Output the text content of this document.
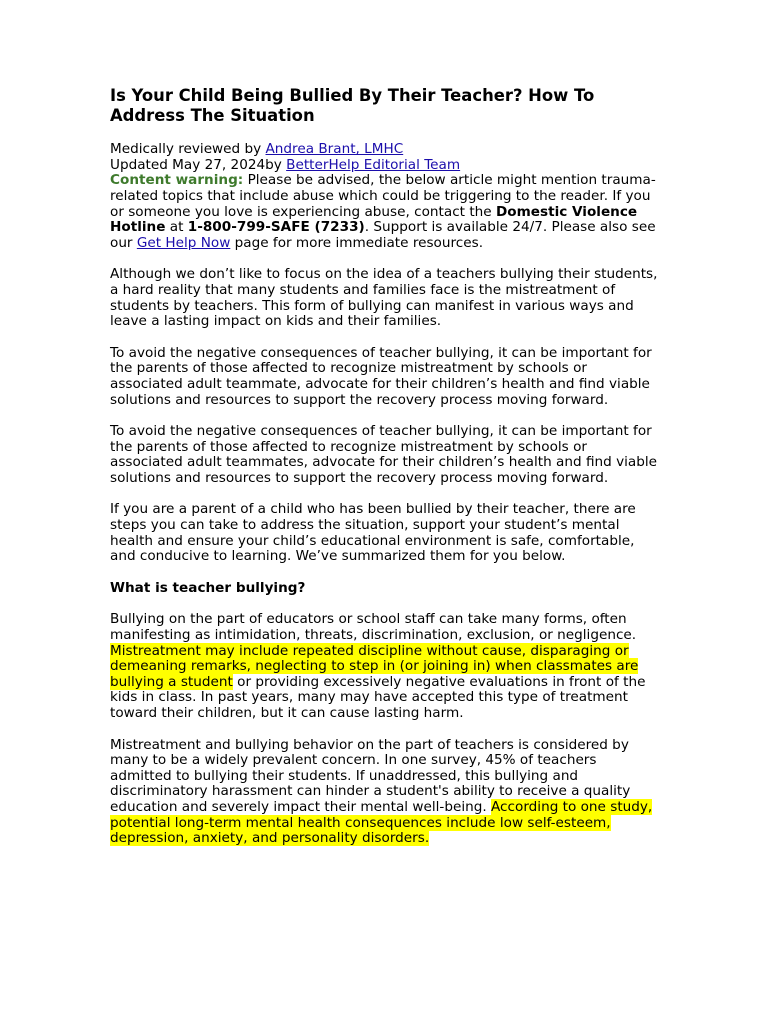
Is Your Child Being Bullied By Their Teacher? How To Address The Situation
Medically reviewed by Andrea Brant, LMHC
Updated May 27, 2024by BetterHelp Editorial Team

Content warning: Please be advised, the below article might mention trauma-related topics that include abuse which could be triggering to the reader. If you or someone you love is experiencing abuse, contact the Domestic Violence Hotline at 1-800-799-SAFE (7233). Support is available 24/7. Please also see our Get Help Now page for more immediate resources.

Although we don’t like to focus on the idea of a teachers bullying their students, a hard reality that many students and families face is the mistreatment of students by teachers. This form of bullying can manifest in various ways and leave a lasting impact on kids and their families.

To avoid the negative consequences of teacher bullying, it can be important for the parents of those affected to recognize mistreatment by schools or associated adult teammate, advocate for their children’s health and find viable solutions and resources to support the recovery process moving forward.

To avoid the negative consequences of teacher bullying, it can be important for the parents of those affected to recognize mistreatment by schools or associated adult teammates, advocate for their children’s health and find viable solutions and resources to support the recovery process moving forward.

If you are a parent of a child who has been bullied by their teacher, there are steps you can take to address the situation, support your student’s mental health and ensure your child’s educational environment is safe, comfortable, and conducive to learning. We’ve summarized them for you below.

What is teacher bullying?

Bullying on the part of educators or school staff can take many forms, often manifesting as intimidation, threats, discrimination, exclusion, or negligence. Mistreatment may include repeated discipline without cause, disparaging or demeaning remarks, neglecting to step in (or joining in) when classmates are bullying a student or providing excessively negative evaluations in front of the kids in class. In past years, many may have accepted this type of treatment toward their children, but it can cause lasting harm.

Mistreatment and bullying behavior on the part of teachers is considered by many to be a widely prevalent concern. In one survey, 45% of teachers admitted to bullying their students. If unaddressed, this bullying and discriminatory harassment can hinder a student's ability to receive a quality education and severely impact their mental well-being. According to one study, potential long-term mental health consequences include low self-esteem, depression, anxiety, and personality disorders.
